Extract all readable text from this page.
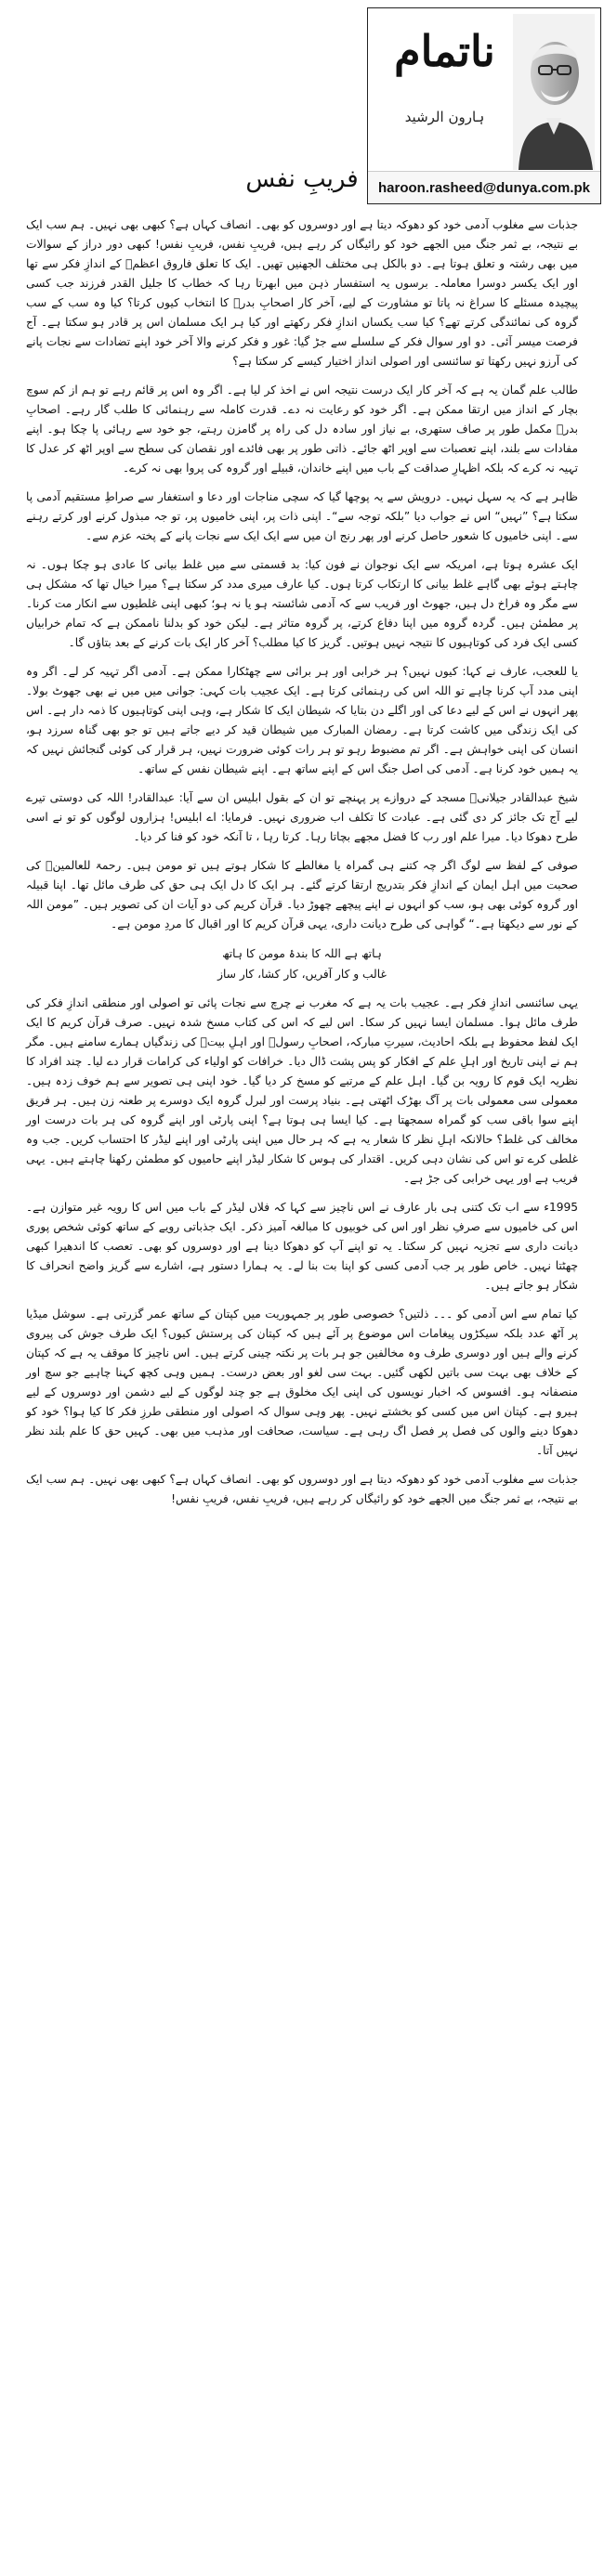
ناتمام
ہارون الرشید
haroon.rasheed@dunya.com.pk
فریبِ نفس

جذبات سے مغلوب آدمی خود کو دھوکہ دیتا ہے اور دوسروں کو بھی۔ انصاف کہاں ہے؟ کبھی بھی نہیں۔ ہم سب ایک بے نتیجہ، بے ثمر جنگ میں الجھے خود کو رائیگاں کر رہے ہیں، فریبِ نفس، فریبِ نفس! کبھی دور دراز کے سوالات میں بھی رشتہ و تعلق ہوتا ہے۔ دو بالکل ہی مختلف الجھنیں تھیں۔ ایک کا تعلق فاروق اعظمؓ کے اندازِ فکر سے تھا اور ایک یکسر دوسرا معاملہ۔ برسوں یہ استفسار ذہن میں ابھرتا رہا کہ خطاب کا جلیل القدر فرزند جب کسی پیچیدہ مسئلے کا سراغ نہ پاتا تو مشاورت کے لیے، آخر کار اصحابِ بدرؓ کا انتخاب کیوں کرتا؟ کیا وہ سب کے سب گروہ کی نمائندگی کرتے تھے؟ کیا سب یکساں اندازِ فکر رکھتے اور کیا ہر ایک مسلمان اس پر قادر ہو سکتا ہے۔ آج فرصت میسر آئی۔ دو اور سوال فکر کے سلسلے سے جڑ گیا: غور و فکر کرنے والا آخر خود اپنے تضادات سے نجات پانے کی آرزو نہیں رکھتا تو سائنسی اور اصولی انداز اختیار کیسے کر سکتا ہے؟

طالب علم گمان یہ ہے کہ آخر کار ایک درست نتیجہ اس نے اخذ کر لیا ہے۔ اگر وہ اس پر قائم رہے تو ہم از کم سوچ بچار کے انداز میں ارتقا ممکن ہے۔ اگر خود کو رعایت نہ دے۔ قدرت کاملہ سے رہنمائی کا طلب گار رہے۔ اصحابِ بدرؓ مکمل طور پر صاف ستھری، بے نیاز اور سادہ دل کی راہ پر گامزن رہتے، جو خود سے رہائی پا چکا ہو۔ اپنے مفادات سے بلند، اپنے تعصبات سے اوپر اٹھ جائے۔ ذاتی طور پر بھی فائدے اور نقصان کی سطح سے اوپر اٹھ کر عدل کا تہیہ نہ کرے کہ بلکہ اظہارِ صداقت کے باب میں اپنے خاندان، قبیلے اور گروہ کی پروا بھی نہ کرے۔

ظاہر ہے کہ یہ سہل نہیں۔ درویش سے یہ پوچھا گیا کہ سچی مناجات اور دعا و استغفار سے صراطِ مستقیم آدمی پا سکتا ہے؟ ”نہیں“ اس نے جواب دیا ”بلکہ توجہ سے“۔ اپنی ذات پر، اپنی خامیوں پر، تو جہ مبذول کرنے اور کرتے رہنے سے۔ اپنی خامیوں کا شعور حاصل کرنے اور پھر رنج ان میں سے ایک ایک سے نجات پانے کے پختہ عزم سے۔

ایک عشرہ ہوتا ہے، امریکہ سے ایک نوجوان نے فون کیا: بد قسمتی سے میں غلط بیانی کا عادی ہو چکا ہوں۔ نہ چاہتے ہوئے بھی گاہے غلط بیانی کا ارتکاب کرتا ہوں۔ کیا عارف میری مدد کر سکتا ہے؟ میرا خیال تھا کہ مشکل ہی سے مگر وہ فراخ دل ہیں، جھوٹ اور فریب سے کہ آدمی شائستہ ہو یا نہ ہو؛ کبھی اپنی غلطیوں سے انکار مت کرنا۔ پر مطمئن ہیں۔ گردہ گروہ میں اپنا دفاع کرتے، پر گروہ متاثر ہے۔ لیکن خود کو بدلنا ناممکن ہے کہ تمام خرابیاں کسی ایک فرد کی کوتاہیوں کا نتیجہ نہیں ہوتیں۔ گریز کا کیا مطلب؟ آخر کار ایک بات کرنے کے بعد بتاؤں گا۔

یا للعجب، عارف نے کہا: کیوں نہیں؟ ہر خرابی اور ہر برائی سے چھٹکارا ممکن ہے۔ آدمی اگر تہیہ کر لے۔ اگر وہ اپنی مدد آپ کرنا چاہے تو اللہ اس کی رہنمائی کرتا ہے۔ ایک عجیب بات کہی: جوانی میں میں نے بھی جھوٹ بولا۔ پھر انہوں نے اس کے لیے دعا کی اور اگلے دن بتایا کہ شیطان ایک کا شکار ہے، وہی اپنی کوتاہیوں کا ذمہ دار ہے۔ اس کی ایک زندگی میں کاشت کرتا ہے۔ رمضان المبارک میں شیطان قید کر دیے جاتے ہیں تو جو بھی گناہ سرزد ہو، انسان کی اپنی خواہش ہے۔ اگر تم مضبوط رہو تو ہر رات کوئی ضرورت نہیں، ہر قرار کی کوئی گنجائش نہیں کہ یہ ہمیں خود کرنا ہے۔ آدمی کی اصل جنگ اس کے اپنے ساتھ ہے۔ اپنے شیطان نفس کے ساتھ۔

شیخ عبدالقادر جیلانیؒ مسجد کے دروازے پر پہنچے تو ان کے بقول ابلیس ان سے آیا: عبدالقادر! اللہ کی دوستی تیرے لیے آج تک جائز کر دی گئی ہے۔ عبادت کا تکلف اب ضروری نہیں۔ فرمایا: اے ابلیس! ہزاروں لوگوں کو تو نے اسی طرح دھوکا دیا۔ میرا علم اور رب کا فضل مجھے بچاتا رہا۔ کرتا رہا ، تا آنکہ خود کو فنا کر دیا۔

صوفی کے لفظ سے لوگ اگر چہ کتنے ہی گمراہ یا مغالطے کا شکار ہوتے ہیں تو مومن ہیں۔ رحمۃ للعالمینؐ کی صحبت میں اہل ایمان کے اندازِ فکر بتدریج ارتقا کرتے گئے۔ ہر ایک کا دل ایک ہی حق کی طرف مائل تھا۔ اپنا قبیلہ اور گروہ کوئی بھی ہو، سب کو انہوں نے اپنے پیچھے چھوڑ دیا۔ قرآن کریم کی دو آیات ان کی تصویر ہیں۔ ”مومن اللہ کے نور سے دیکھتا ہے۔“ گواہی کی طرح دیانت داری، یہی قرآن کریم کا اور اقبال کا مردِ مومن ہے۔

ہاتھ ہے اللہ کا بندۂ مومن کا ہاتھ
غالب و کار آفریں، کار کشا، کار ساز

یہی سائنسی اندازِ فکر ہے۔ عجیب بات یہ ہے کہ مغرب نے چرچ سے نجات پائی تو اصولی اور منطقی اندازِ فکر کی طرف مائل ہوا۔ مسلمان ایسا نہیں کر سکا۔ اس لیے کہ اس کی کتاب مسخ شدہ نہیں۔ صرف قرآن کریم کا ایک ایک لفظ محفوظ ہے بلکہ احادیث، سیرتِ مبارکہ، اصحابِ رسولؐ اور اہلِ بیتؓ کی زندگیاں ہمارے سامنے ہیں۔ مگر ہم نے اپنی تاریخ اور اہلِ علم کے افکار کو پس پشت ڈال دیا۔ خرافات کو اولیاء کی کرامات قرار دے لیا۔ چند افراد کا نظریہ ایک قوم کا رویہ بن گیا۔ اہل علم کے مرتبے کو مسخ کر دیا گیا۔ خود اپنی ہی تصویر سے ہم خوف زدہ ہیں۔ معمولی سی معمولی بات پر آگ بھڑک اٹھتی ہے۔ بنیاد پرست اور لبرل گروہ ایک دوسرے پر طعنہ زن ہیں۔ ہر فریق اپنے سوا باقی سب کو گمراہ سمجھتا ہے۔ کیا ایسا ہی ہوتا ہے؟ اپنی پارٹی اور اپنے گروہ کی ہر بات درست اور مخالف کی غلط؟ حالانکہ اہلِ نظر کا شعار یہ ہے کہ ہر حال میں اپنی پارٹی اور اپنے لیڈر کا احتساب کریں۔ جب وہ غلطی کرے تو اس کی نشان دہی کریں۔ اقتدار کی ہوس کا شکار لیڈر اپنے حامیوں کو مطمئن رکھنا چاہتے ہیں۔ یہی فریب ہے اور یہی خرابی کی جڑ ہے۔

1995ء سے اب تک کتنی ہی بار عارف نے اس ناچیز سے کہا کہ فلاں لیڈر کے باب میں اس کا رویہ غیر متوازن ہے۔ اس کی خامیوں سے صرفِ نظر اور اس کی خوبیوں کا مبالغہ آمیز ذکر۔ ایک جذباتی رویے کے ساتھ کوئی شخص پوری دیانت داری سے تجزیہ نہیں کر سکتا۔ یہ تو اپنے آپ کو دھوکا دینا ہے اور دوسروں کو بھی۔ تعصب کا اندھیرا کبھی چھٹتا نہیں۔ خاص طور پر جب آدمی کسی کو اپنا بت بنا لے۔ یہ ہمارا دستور ہے، اشارے سے گریز واضح انحراف کا شکار ہو جاتے ہیں۔

کیا تمام سے اس آدمی کو ۔۔۔ ذلتیں؟ خصوصی طور پر جمہوریت میں کپتان کے ساتھ عمر گزرتی ہے۔ سوشل میڈیا پر آٹھ عدد بلکہ سیکڑوں پیغامات اس موضوع پر آئے ہیں کہ کپتان کی پرستش کیوں؟ ایک طرف جوش کی پیروی کرنے والے ہیں اور دوسری طرف وہ مخالفین جو ہر بات پر نکتہ چینی کرتے ہیں۔ اس ناچیز کا موقف یہ ہے کہ کپتان کے خلاف بھی بہت سی باتیں لکھی گئیں۔ بہت سی لغو اور بعض درست۔ ہمیں وہی کچھ کہنا چاہیے جو سچ اور منصفانہ ہو۔ افسوس کہ اخبار نویسوں کی اپنی ایک مخلوق ہے جو چند لوگوں کے لیے دشمن اور دوسروں کے لیے ہیرو ہے۔ کپتان اس میں کسی کو بخشتے نہیں۔ پھر وہی سوال کہ اصولی اور منطقی طرزِ فکر کا کیا ہوا؟ خود کو دھوکا دینے والوں کی فصل پر فصل اگ رہی ہے۔ سیاست، صحافت اور مذہب میں بھی۔ کہیں حق کا علم بلند نظر نہیں آتا۔

جذبات سے مغلوب آدمی خود کو دھوکہ دیتا ہے اور دوسروں کو بھی۔ انصاف کہاں ہے؟ کبھی بھی نہیں۔ ہم سب ایک بے نتیجہ، بے ثمر جنگ میں الجھے خود کو رائیگاں کر رہے ہیں، فریبِ نفس، فریبِ نفس!
